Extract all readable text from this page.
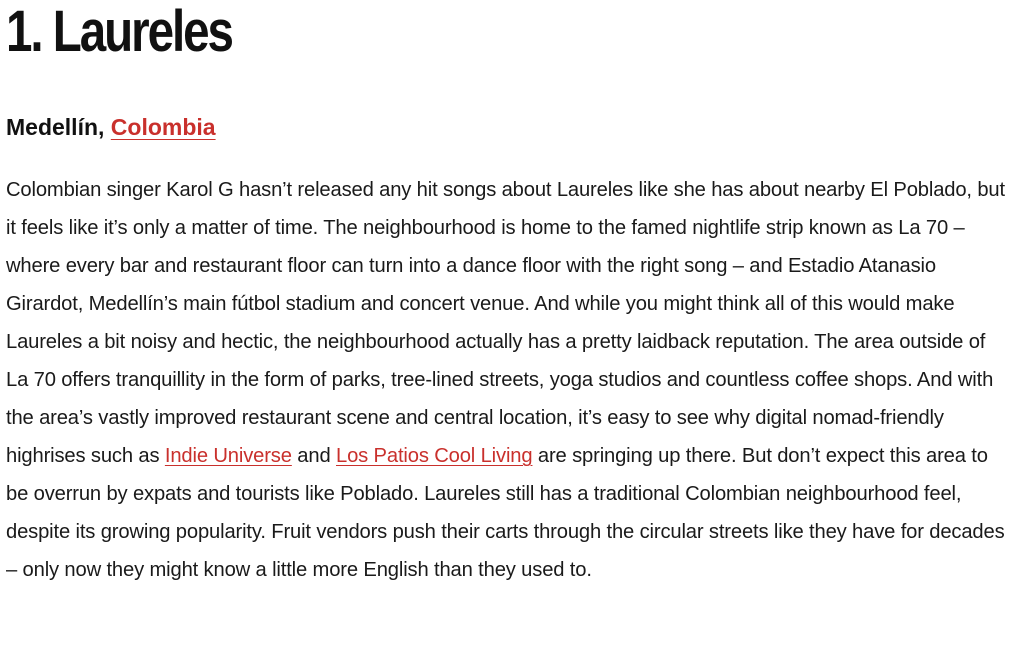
1. Laureles
Medellín, Colombia

Colombian singer Karol G hasn’t released any hit songs about Laureles like she has about nearby El Poblado, but it feels like it’s only a matter of time. The neighbourhood is home to the famed nightlife strip known as La 70 – where every bar and restaurant floor can turn into a dance floor with the right song – and Estadio Atanasio Girardot, Medellín’s main fútbol stadium and concert venue. And while you might think all of this would make Laureles a bit noisy and hectic, the neighbourhood actually has a pretty laidback reputation. The area outside of La 70 offers tranquillity in the form of parks, tree-lined streets, yoga studios and countless coffee shops. And with the area’s vastly improved restaurant scene and central location, it’s easy to see why digital nomad-friendly highrises such as Indie Universe and Los Patios Cool Living are springing up there. But don’t expect this area to be overrun by expats and tourists like Poblado. Laureles still has a traditional Colombian neighbourhood feel, despite its growing popularity. Fruit vendors push their carts through the circular streets like they have for decades – only now they might know a little more English than they used to.
